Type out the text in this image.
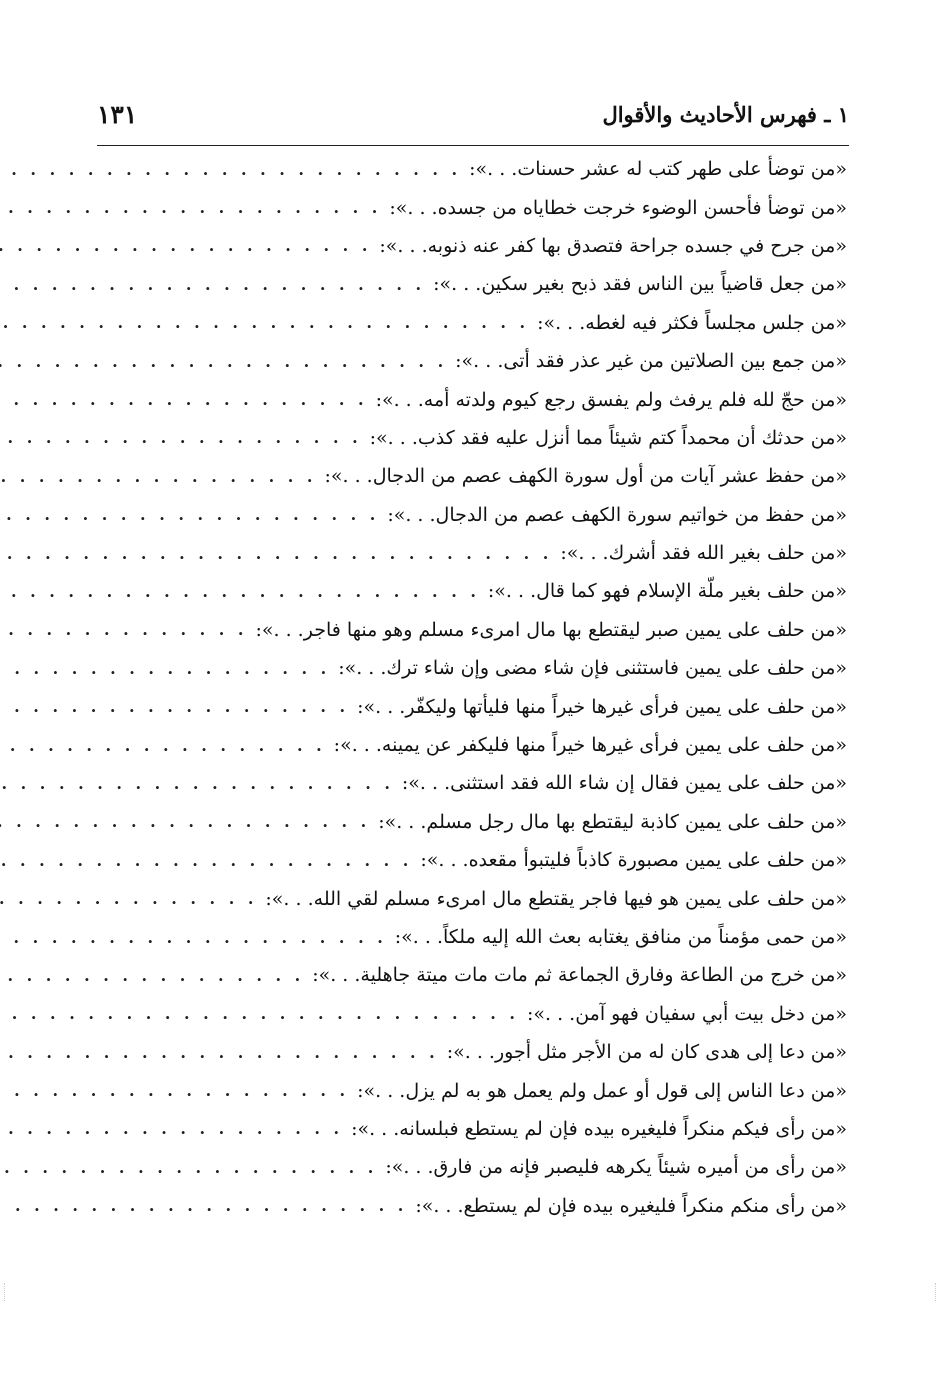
١ ـ فهرس الأحاديث والأقوال
١٣١
«من توضأ على طهر كتب له عشر حسنات. . .»:
. . .
«من توضأ فأحسن الوضوء خرجت خطاياه من جسده. . .»:
. . .
«من جرح في جسده جراحة فتصدق بها كفر عنه ذنوبه. . .»:
. . .
«من جعل قاضياً بين الناس فقد ذبح بغير سكين. . .»:
. . .
«من جلس مجلساً فكثر فيه لغطه. . .»:
. . .
«من جمع بين الصلاتين من غير عذر فقد أتى. . .»:
. . .
«من حجّ لله فلم يرفث ولم يفسق رجع كيوم ولدته أمه. . .»:
. . .
«من حدثك أن محمداً كتم شيئاً مما أنزل عليه فقد كذب. . .»:
. . .
«من حفظ عشر آيات من أول سورة الكهف عصم من الدجال. . .»:
. . .
«من حفظ من خواتيم سورة الكهف عصم من الدجال. . .»:
. . .
«من حلف بغير الله فقد أشرك. . .»:
. . .
«من حلف بغير ملّة الإسلام فهو كما قال. . .»:
. . .
«من حلف على يمين صبر ليقتطع بها مال امرىء مسلم وهو منها فاجر. . .»:
. . .
«من حلف على يمين فاستثنى فإن شاء مضى وإن شاء ترك. . .»:
. . .
«من حلف على يمين فرأى غيرها خيراً منها فليأتها وليكفّر. . .»:
. . .
«من حلف على يمين فرأى غيرها خيراً منها فليكفر عن يمينه. . .»:
. . .
«من حلف على يمين فقال إن شاء الله فقد استثنى. . .»:
. . .
«من حلف على يمين كاذبة ليقتطع بها مال رجل مسلم. . .»:
. . .
«من حلف على يمين مصبورة كاذباً فليتبوأ مقعده. . .»:
. . .
«من حلف على يمين هو فيها فاجر يقتطع مال امرىء مسلم لقي الله. . .»:
. . .
«من حمى مؤمناً من منافق يغتابه بعث الله إليه ملكاً. . .»:
. . .
«من خرج من الطاعة وفارق الجماعة ثم مات مات ميتة جاهلية. . .»:
. . .
«من دخل بيت أبي سفيان فهو آمن. . .»:
. . .
«من دعا إلى هدى كان له من الأجر مثل أجور. . .»:
. . .
«من دعا الناس إلى قول أو عمل ولم يعمل هو به لم يزل. . .»:
. . .
«من رأى فيكم منكراً فليغيره بيده فإن لم يستطع فبلسانه. . .»:
. . .
«من رأى من أميره شيئاً يكرهه فليصبر فإنه من فارق. . .»:
. . .
«من رأى منكم منكراً فليغيره بيده فإن لم يستطع. . .»:
. . .
